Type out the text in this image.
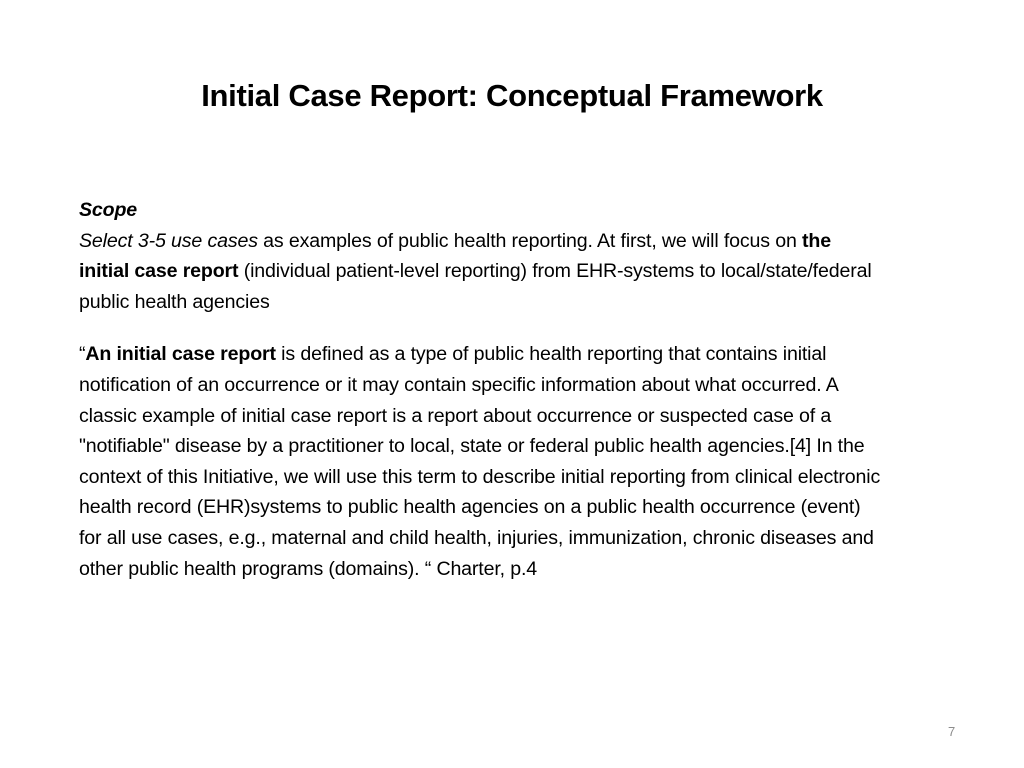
Initial Case Report: Conceptual Framework

Scope
Select 3-5 use cases as examples of public health reporting. At first, we will focus on the initial case report (individual patient-level reporting) from EHR-systems to local/state/federal public health agencies

“An initial case report is defined as a type of public health reporting that contains initial notification of an occurrence or it may contain specific information about what occurred. A classic example of initial case report is a report about occurrence or suspected case of a "notifiable" disease by a practitioner to local, state or federal public health agencies.[4] In the context of this Initiative, we will use this term to describe initial reporting from clinical electronic health record (EHR)systems to public health agencies on a public health occurrence (event) for all use cases, e.g., maternal and child health, injuries, immunization, chronic diseases and other public health programs (domains). “ Charter, p.4

7
